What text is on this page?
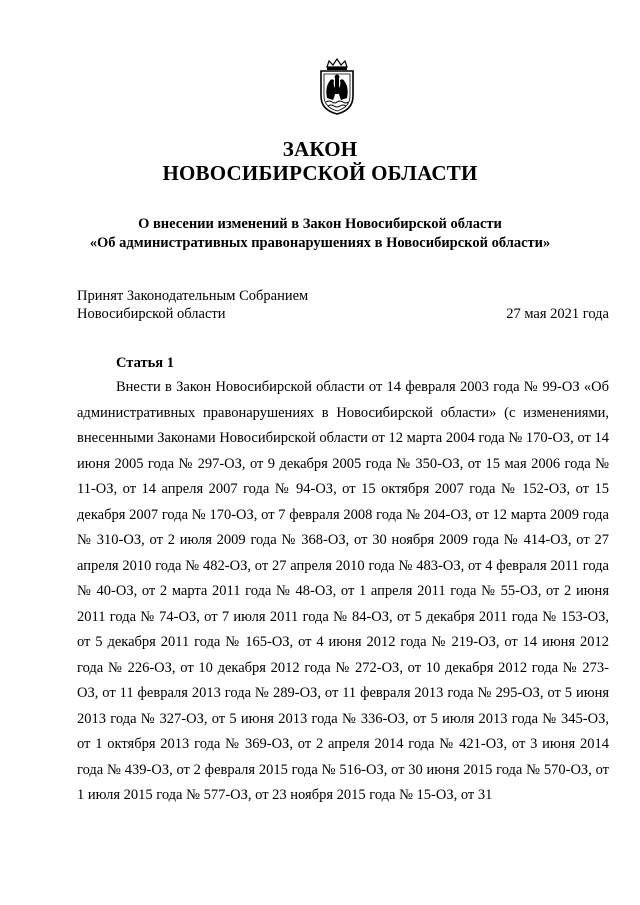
ЗАКОН
НОВОСИБИРСКОЙ ОБЛАСТИ
О внесении изменений в Закон Новосибирской области
«Об административных правонарушениях в Новосибирской области»
Принят Законодательным Собранием
Новосибирской области	27 мая 2021 года
Статья 1

Внести в Закон Новосибирской области от 14 февраля 2003 года № 99-ОЗ «Об административных правонарушениях в Новосибирской области» (с изменениями, внесенными Законами Новосибирской области от 12 марта 2004 года № 170-ОЗ, от 14 июня 2005 года № 297-ОЗ, от 9 декабря 2005 года № 350-ОЗ, от 15 мая 2006 года № 11-ОЗ, от 14 апреля 2007 года № 94-ОЗ, от 15 октября 2007 года № 152-ОЗ, от 15 декабря 2007 года № 170-ОЗ, от 7 февраля 2008 года № 204-ОЗ, от 12 марта 2009 года № 310-ОЗ, от 2 июля 2009 года № 368-ОЗ, от 30 ноября 2009 года № 414-ОЗ, от 27 апреля 2010 года № 482-ОЗ, от 27 апреля 2010 года № 483-ОЗ, от 4 февраля 2011 года № 40-ОЗ, от 2 марта 2011 года № 48-ОЗ, от 1 апреля 2011 года № 55-ОЗ, от 2 июня 2011 года № 74-ОЗ, от 7 июля 2011 года № 84-ОЗ, от 5 декабря 2011 года № 153-ОЗ, от 5 декабря 2011 года № 165-ОЗ, от 4 июня 2012 года № 219-ОЗ, от 14 июня 2012 года № 226-ОЗ, от 10 декабря 2012 года № 272-ОЗ, от 10 декабря 2012 года № 273-ОЗ, от 11 февраля 2013 года № 289-ОЗ, от 11 февраля 2013 года № 295-ОЗ, от 5 июня 2013 года № 327-ОЗ, от 5 июня 2013 года № 336-ОЗ, от 5 июля 2013 года № 345-ОЗ, от 1 октября 2013 года № 369-ОЗ, от 2 апреля 2014 года № 421-ОЗ, от 3 июня 2014 года № 439-ОЗ, от 2 февраля 2015 года № 516-ОЗ, от 30 июня 2015 года № 570-ОЗ, от 1 июля 2015 года № 577-ОЗ, от 23 ноября 2015 года № 15-ОЗ, от 31
